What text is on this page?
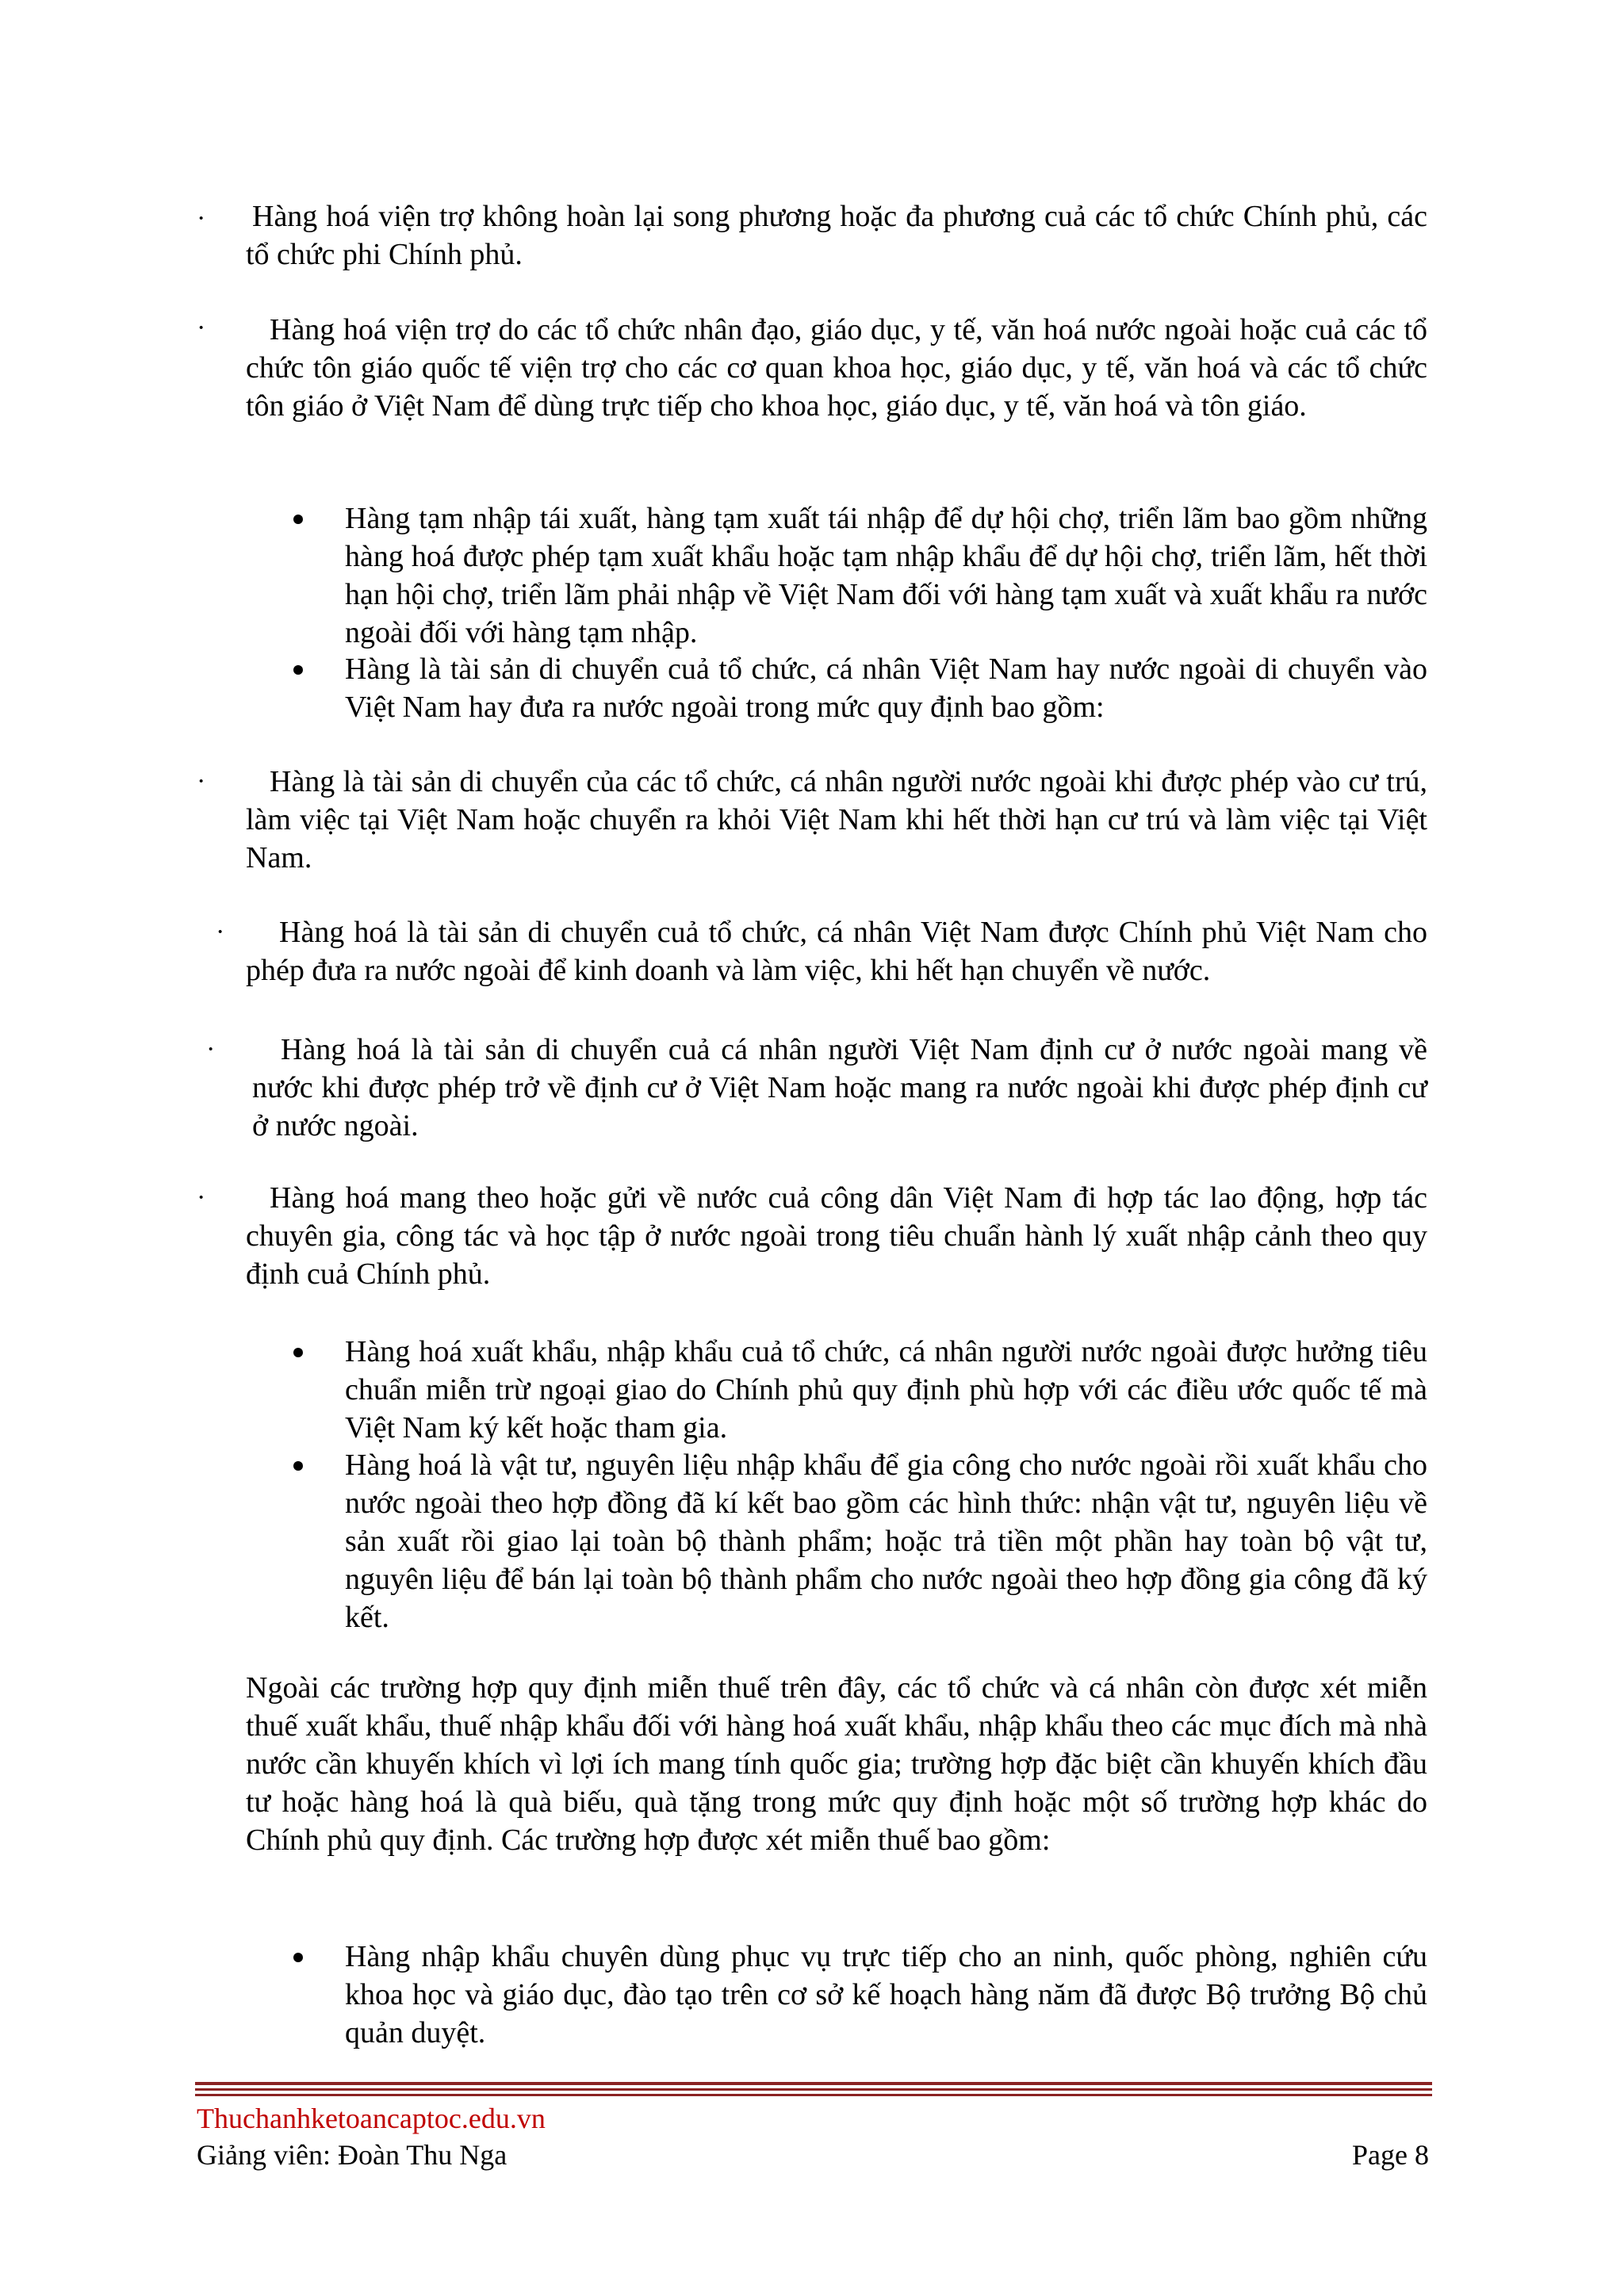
· Hàng hoá viện trợ không hoàn lại song phương hoặc đa phương cuả các tổ chức Chính phủ, các tổ chức phi Chính phủ.

·	Hàng hoá viện trợ do các tổ chức nhân đạo, giáo dục, y tế, văn hoá nước ngoài hoặc cuả các tổ chức tôn giáo quốc tế viện trợ cho các cơ quan khoa học, giáo dục, y tế, văn hoá và các tổ chức tôn giáo ở Việt Nam để dùng trực tiếp cho khoa học, giáo dục, y tế, văn hoá và tôn giáo.

Hàng tạm nhập tái xuất, hàng tạm xuất tái nhập để dự hội chợ, triển lãm bao gồm những hàng hoá được phép tạm xuất khẩu hoặc tạm nhập khẩu để dự hội chợ, triển lãm, hết thời hạn hội chợ, triển lãm phải nhập về Việt Nam đối với hàng tạm xuất và xuất khẩu ra nước ngoài đối với hàng tạm nhập.

Hàng là tài sản di chuyển cuả tổ chức, cá nhân Việt Nam hay nước ngoài di chuyển vào Việt Nam hay đưa ra nước ngoài trong mức quy định bao gồm:

·	Hàng là tài sản di chuyển của các tổ chức, cá nhân người nước ngoài khi được phép vào cư trú, làm việc tại Việt Nam hoặc chuyển ra khỏi Việt Nam khi hết thời hạn cư trú và làm việc tại Việt Nam.

·	Hàng hoá là tài sản di chuyển cuả tổ chức, cá nhân Việt Nam được Chính phủ Việt Nam cho phép đưa ra nước ngoài để kinh doanh và làm việc, khi hết hạn chuyển về nước.

·	Hàng hoá là tài sản di chuyển cuả cá nhân người Việt Nam định cư ở nước ngoài mang về nước khi được phép trở về định cư ở Việt Nam hoặc mang ra nước ngoài khi được phép định cư ở nước ngoài.

·	Hàng hoá mang theo hoặc gửi về nước cuả công dân Việt Nam đi hợp tác lao động, hợp tác chuyên gia, công tác và học tập ở nước ngoài trong tiêu chuẩn hành lý xuất nhập cảnh theo quy định cuả Chính phủ.

Hàng hoá xuất khẩu, nhập khẩu cuả tổ chức, cá nhân người nước ngoài được hưởng tiêu chuẩn miễn trừ ngoại giao do Chính phủ quy định phù hợp với các điều ước quốc tế mà Việt Nam ký kết hoặc tham gia.

Hàng hoá là vật tư, nguyên liệu nhập khẩu để gia công cho nước ngoài rồi xuất khẩu cho nước ngoài theo hợp đồng đã kí kết bao gồm các hình thức: nhận vật tư, nguyên liệu về sản xuất rồi giao lại toàn bộ thành phẩm; hoặc trả tiền một phần hay toàn bộ vật tư, nguyên liệu để bán lại toàn bộ thành phẩm cho nước ngoài theo hợp đồng gia công đã ký kết.

Ngoài các trường hợp quy định miễn thuế trên đây, các tổ chức và cá nhân còn được xét miễn thuế xuất khẩu, thuế nhập khẩu đối với hàng hoá xuất khẩu, nhập khẩu theo các mục đích mà nhà nước cần khuyến khích vì lợi ích mang tính quốc gia; trường hợp đặc biệt cần khuyến khích đầu tư hoặc hàng hoá là quà biếu, quà tặng trong mức quy định hoặc một số trường hợp khác do Chính phủ quy định. Các trường hợp được xét miễn thuế bao gồm:

Hàng nhập khẩu chuyên dùng phục vụ trực tiếp cho an ninh, quốc phòng, nghiên cứu khoa học và giáo dục, đào tạo trên cơ sở kế hoạch hàng năm đã được Bộ trưởng Bộ chủ quản duyệt.

Thuchanhketoancaptoc.edu.vn

Giảng viên: Đoàn Thu Nga	Page 8
